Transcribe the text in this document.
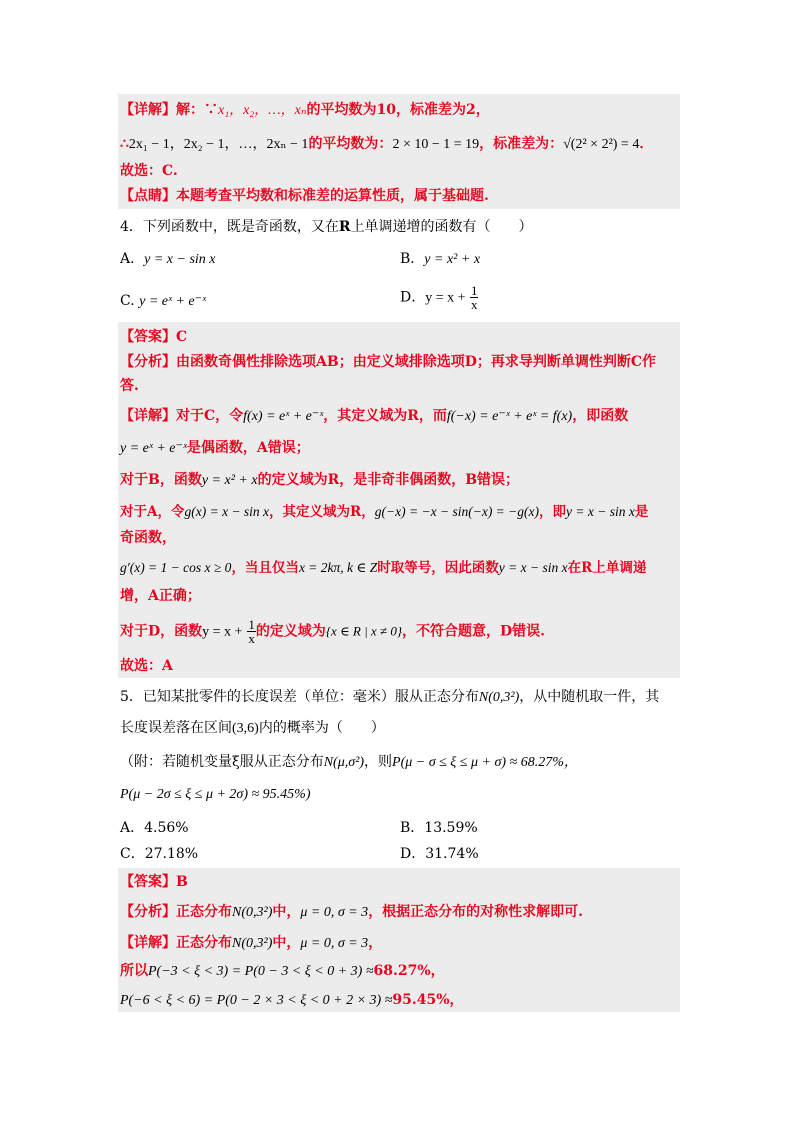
【详解】解：∵x₁，x₂，…，xₙ的平均数为10，标准差为2，
∴2x₁ − 1，2x₂ − 1，…，2xₙ − 1的平均数为：2 × 10 − 1 = 19，标准差为：√(2² × 2²) = 4．
故选：C.
【点睛】本题考查平均数和标准差的运算性质，属于基础题.
4．下列函数中，既是奇函数，又在R上单调递增的函数有（　　）
A．y = x − sin x	B．y = x² + x
C. y = eˣ + e⁻ˣ	D．$y = x + \frac{1}{x}$
【答案】C
【分析】由函数奇偶性排除选项AB；由定义域排除选项D；再求导判断单调性判断C作
答.
【详解】对于C，令f(x) = eˣ + e⁻ˣ，其定义域为R，而f(−x) = e⁻ˣ + eˣ = f(x)，即函数
y = eˣ + e⁻ˣ是偶函数，A错误；
对于B，函数y = x² + x的定义域为R，是非奇非偶函数，B错误；
对于A，令g(x) = x − sin x，其定义域为R，g(−x) = −x − sin(−x) = −g(x)，即y = x − sin x是
奇函数，
g′(x) = 1 − cos x ≥ 0，当且仅当x = 2kπ, k ∈ Z时取等号，因此函数y = x − sin x在R上单调递
增，A正确；
对于D，函数$y = x + \frac{1}{x}$ 的定义域为{x ∈ R | x ≠ 0}，不符合题意，D错误.
故选：A
5．已知某批零件的长度误差（单位：毫米）服从正态分布N(0,3²)，从中随机取一件，其
长度误差落在区间(3,6)内的概率为（　　）
（附：若随机变量ξ服从正态分布N(μ,σ²)，则P(μ − σ ≤ ξ ≤ μ + σ) ≈ 68.27%，
P(μ − 2σ ≤ ξ ≤ μ + 2σ) ≈ 95.45%)
A．4.56%	B．13.59%
C．27.18%	D．31.74%
【答案】B
【分析】正态分布N(0,3²)中，μ = 0, σ = 3，根据正态分布的对称性求解即可.
【详解】正态分布N(0,3²)中，μ = 0, σ = 3，
所以P(−3 < ξ < 3) = P(0 − 3 < ξ < 0 + 3) ≈68.27%，
P(−6 < ξ < 6) = P(0 − 2 × 3 < ξ < 0 + 2 × 3) ≈95.45%，
